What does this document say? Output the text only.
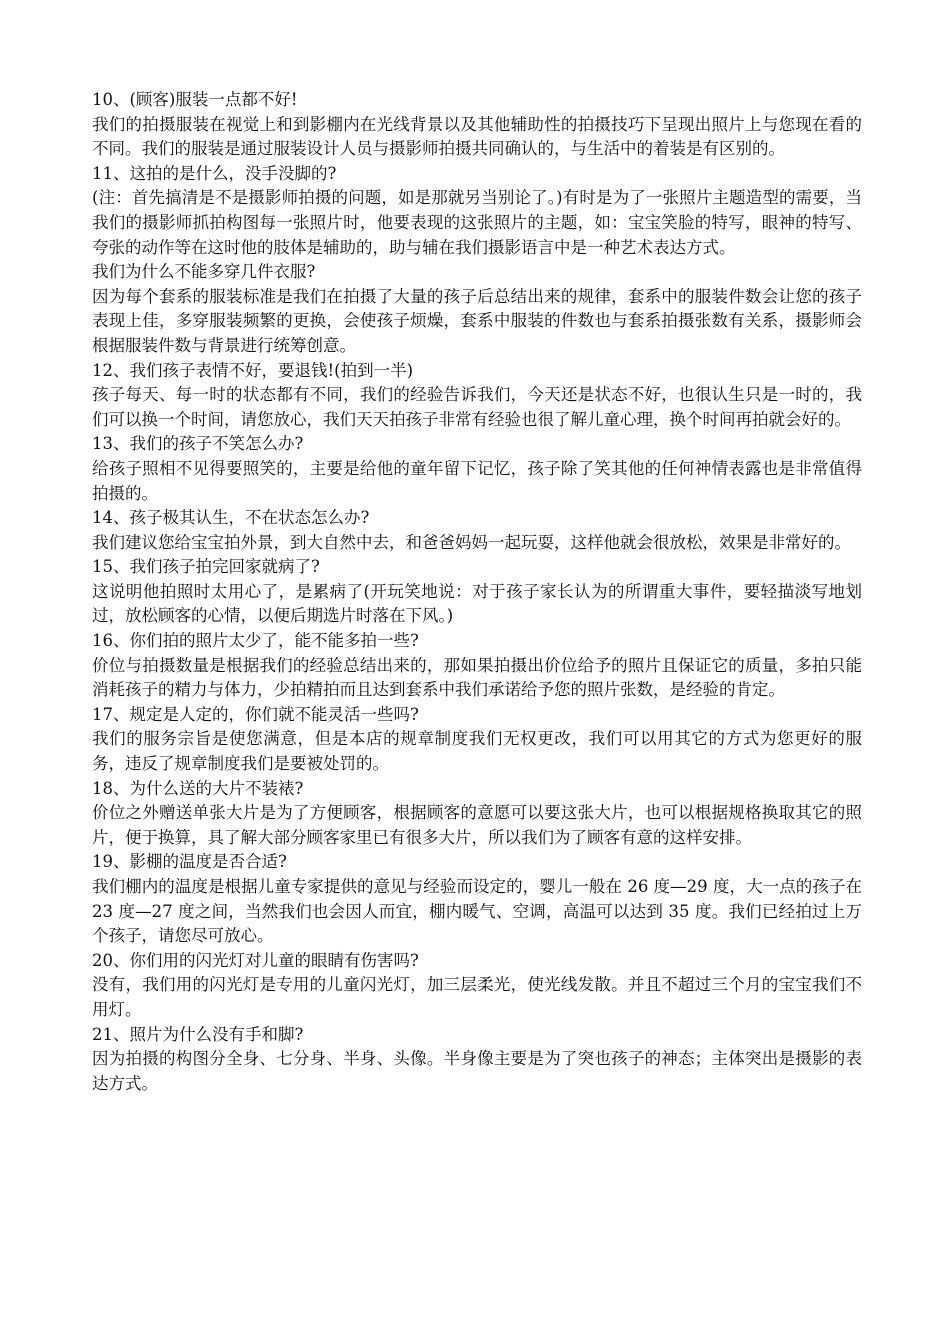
10、(顾客)服装一点都不好!

我们的拍摄服装在视觉上和到影棚内在光线背景以及其他辅助性的拍摄技巧下呈现出照片上与您现在看的不同。我们的服装是通过服装设计人员与摄影师拍摄共同确认的，与生活中的着装是有区别的。

11、这拍的是什么，没手没脚的?

(注：首先搞清是不是摄影师拍摄的问题，如是那就另当别论了。)有时是为了一张照片主题造型的需要，当我们的摄影师抓拍构图每一张照片时，他要表现的这张照片的主题，如：宝宝笑脸的特写，眼神的特写、夸张的动作等在这时他的肢体是辅助的，助与辅在我们摄影语言中是一种艺术表达方式。

我们为什么不能多穿几件衣服?

因为每个套系的服装标准是我们在拍摄了大量的孩子后总结出来的规律，套系中的服装件数会让您的孩子表现上佳，多穿服装频繁的更换，会使孩子烦燥，套系中服装的件数也与套系拍摄张数有关系，摄影师会根据服装件数与背景进行统筹创意。

12、我们孩子表情不好，要退钱!(拍到一半)

孩子每天、每一时的状态都有不同，我们的经验告诉我们，今天还是状态不好，也很认生只是一时的，我们可以换一个时间，请您放心，我们天天拍孩子非常有经验也很了解儿童心理，换个时间再拍就会好的。

13、我们的孩子不笑怎么办?

给孩子照相不见得要照笑的，主要是给他的童年留下记忆，孩子除了笑其他的任何神情表露也是非常值得拍摄的。

14、孩子极其认生，不在状态怎么办?

我们建议您给宝宝拍外景，到大自然中去，和爸爸妈妈一起玩耍，这样他就会很放松，效果是非常好的。

15、我们孩子拍完回家就病了?

这说明他拍照时太用心了，是累病了(开玩笑地说：对于孩子家长认为的所谓重大事件，要轻描淡写地划过，放松顾客的心情，以便后期选片时落在下风。)

16、你们拍的照片太少了，能不能多拍一些?

价位与拍摄数量是根据我们的经验总结出来的，那如果拍摄出价位给予的照片且保证它的质量，多拍只能消耗孩子的精力与体力，少拍精拍而且达到套系中我们承诺给予您的照片张数，是经验的肯定。

17、规定是人定的，你们就不能灵活一些吗?

我们的服务宗旨是使您满意，但是本店的规章制度我们无权更改，我们可以用其它的方式为您更好的服务，违反了规章制度我们是要被处罚的。

18、为什么送的大片不装裱?

价位之外赠送单张大片是为了方便顾客，根据顾客的意愿可以要这张大片，也可以根据规格换取其它的照片，便于换算，具了解大部分顾客家里已有很多大片，所以我们为了顾客有意的这样安排。

19、影棚的温度是否合适?

我们棚内的温度是根据儿童专家提供的意见与经验而设定的，婴儿一般在 26 度—29 度，大一点的孩子在 23 度—27 度之间，当然我们也会因人而宜，棚内暖气、空调，高温可以达到 35 度。我们已经拍过上万个孩子，请您尽可放心。

20、你们用的闪光灯对儿童的眼睛有伤害吗?

没有，我们用的闪光灯是专用的儿童闪光灯，加三层柔光，使光线发散。并且不超过三个月的宝宝我们不用灯。

21、照片为什么没有手和脚?

因为拍摄的构图分全身、七分身、半身、头像。半身像主要是为了突也孩子的神态；主体突出是摄影的表达方式。
